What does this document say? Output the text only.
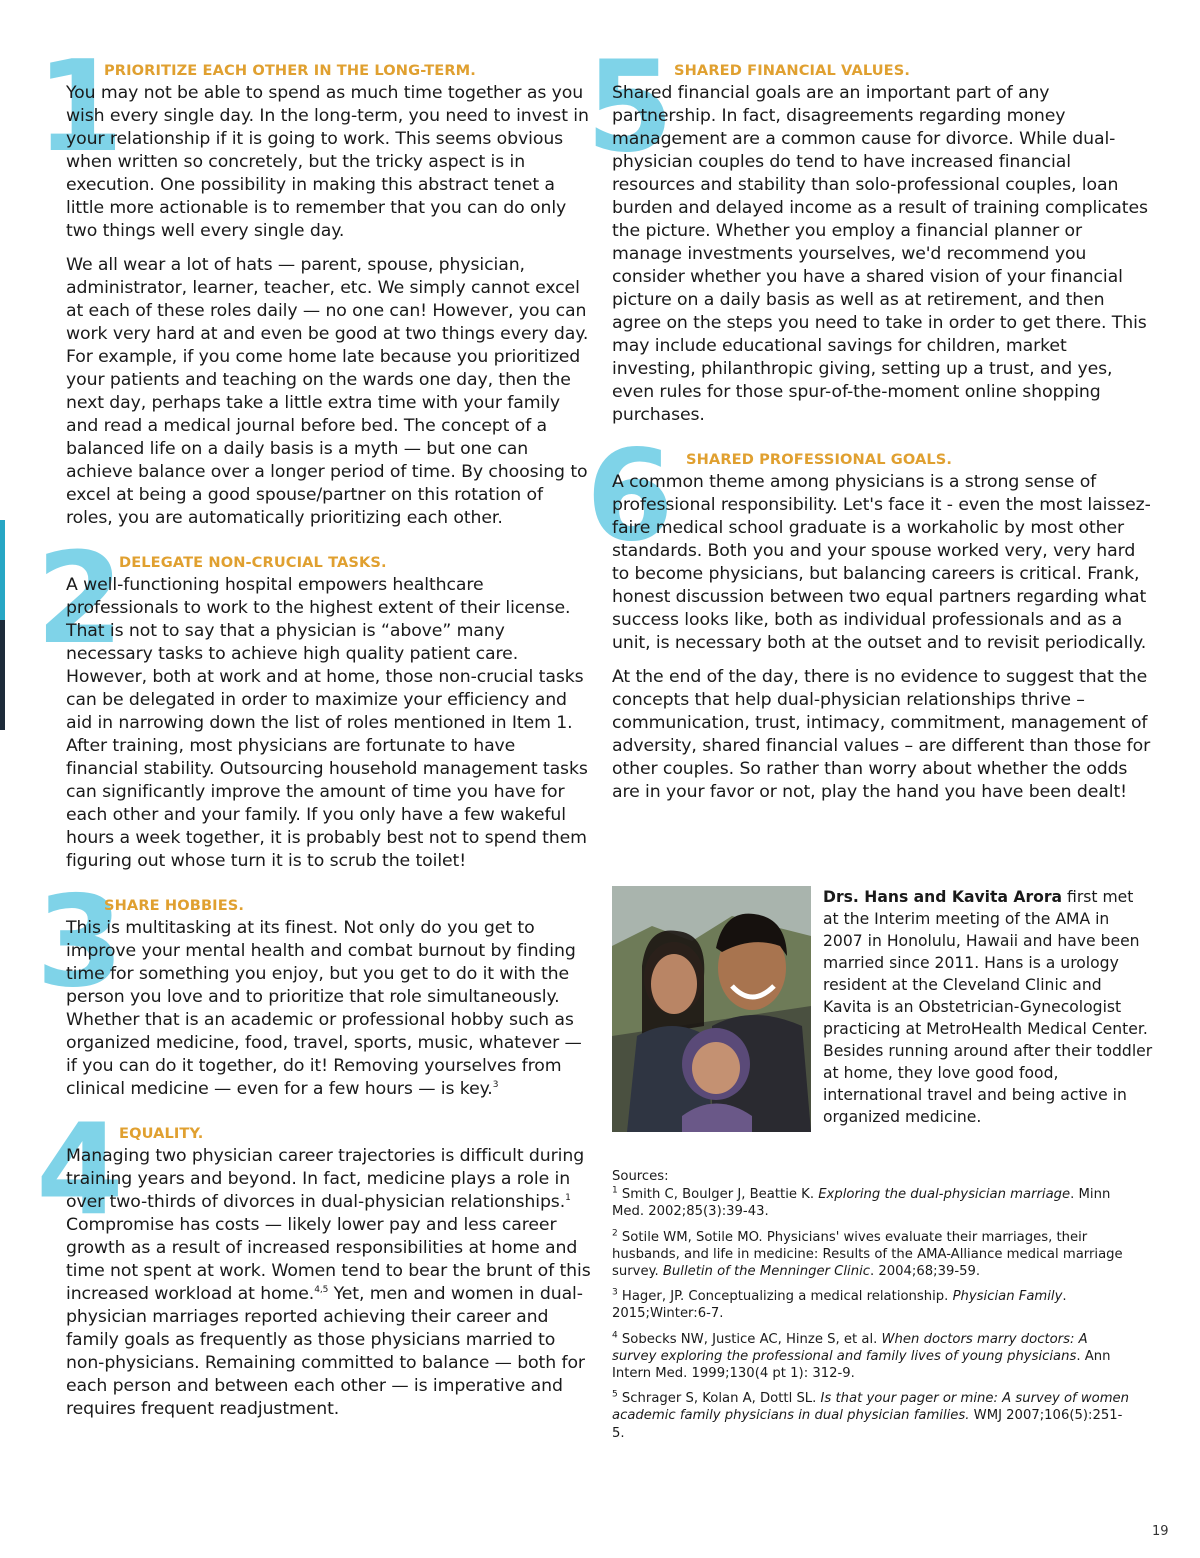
1
PRIORITIZE EACH OTHER IN THE LONG-TERM.

You may not be able to spend as much time together as you wish every single day. In the long-term, you need to invest in your relationship if it is going to work. This seems obvious when written so concretely, but the tricky aspect is in execution. One possibility in making this abstract tenet a little more actionable is to remember that you can do only two things well every single day.

We all wear a lot of hats — parent, spouse, physician, administrator, learner, teacher, etc. We simply cannot excel at each of these roles daily — no one can! However, you can work very hard at and even be good at two things every day. For example, if you come home late because you prioritized your patients and teaching on the wards one day, then the next day, perhaps take a little extra time with your family and read a medical journal before bed. The concept of a balanced life on a daily basis is a myth — but one can achieve balance over a longer period of time. By choosing to excel at being a good spouse/partner on this rotation of roles, you are automatically prioritizing each other.

2 DELEGATE NON-CRUCIAL TASKS.

A well-functioning hospital empowers healthcare professionals to work to the highest extent of their license. That is not to say that a physician is “above” many necessary tasks to achieve high quality patient care. However, both at work and at home, those non-crucial tasks can be delegated in order to maximize your efficiency and aid in narrowing down the list of roles mentioned in Item 1. After training, most physicians are fortunate to have financial stability. Outsourcing household management tasks can significantly improve the amount of time you have for each other and your family. If you only have a few wakeful hours a week together, it is probably best not to spend them figuring out whose turn it is to scrub the toilet!

3
SHARE HOBBIES.

This is multitasking at its finest. Not only do you get to improve your mental health and combat burnout by finding time for something you enjoy, but you get to do it with the person you love and to prioritize that role simultaneously. Whether that is an academic or professional hobby such as organized medicine, food, travel, sports, music, whatever — if you can do it together, do it! Removing yourselves from clinical medicine — even for a few hours — is key.$^3$

4 EQUALITY.

Managing two physician career trajectories is difficult during training years and beyond. In fact, medicine plays a role in over two-thirds of divorces in dual-physician relationships.$^1$ Compromise has costs — likely lower pay and less career growth as a result of increased responsibilities at home and time not spent at work. Women tend to bear the brunt of this increased workload at home.$^{4,5}$ Yet, men and women in dual-physician marriages reported achieving their career and family goals as frequently as those physicians married to non-physicians. Remaining committed to balance — both for each person and between each other — is imperative and requires frequent readjustment.

5 SHARED FINANCIAL VALUES.

Shared financial goals are an important part of any partnership. In fact, disagreements regarding money management are a common cause for divorce. While dual-physician couples do tend to have increased financial resources and stability than solo-professional couples, loan burden and delayed income as a result of training complicates the picture. Whether you employ a financial planner or manage investments yourselves, we'd recommend you consider whether you have a shared vision of your financial picture on a daily basis as well as at retirement, and then agree on the steps you need to take in order to get there. This may include educational savings for children, market investing, philanthropic giving, setting up a trust, and yes, even rules for those spur-of-the-moment online shopping purchases.

6 SHARED PROFESSIONAL GOALS.

A common theme among physicians is a strong sense of professional responsibility. Let's face it - even the most laissez-faire medical school graduate is a workaholic by most other standards. Both you and your spouse worked very, very hard to become physicians, but balancing careers is critical. Frank, honest discussion between two equal partners regarding what success looks like, both as individual professionals and as a unit, is necessary both at the outset and to revisit periodically.

At the end of the day, there is no evidence to suggest that the concepts that help dual-physician relationships thrive – communication, trust, intimacy, commitment, management of adversity, shared financial values – are different than those for other couples. So rather than worry about whether the odds are in your favor or not, play the hand you have been dealt!

Drs. Hans and Kavita Arora first met at the Interim meeting of the AMA in 2007 in Honolulu, Hawaii and have been married since 2011. Hans is a urology resident at the Cleveland Clinic and Kavita is an Obstetrician-Gynecologist practicing at MetroHealth Medical Center. Besides running around after their toddler at home, they love good food, international travel and being active in organized medicine.

Sources:

$^1$ Smith C, Boulger J, Beattie K. Exploring the dual-physician marriage. Minn Med. 2002;85(3):39-43.

$^2$ Sotile WM, Sotile MO. Physicians' wives evaluate their marriages, their husbands, and life in medicine: Results of the AMA-Alliance medical marriage survey. Bulletin of the Menninger Clinic. 2004;68;39-59.

$^3$ Hager, JP. Conceptualizing a medical relationship. Physician Family. 2015;Winter:6-7.

$^4$ Sobecks NW, Justice AC, Hinze S, et al. When doctors marry doctors: A survey exploring the professional and family lives of young physicians. Ann Intern Med. 1999;130(4 pt 1): 312-9.

$^5$ Schrager S, Kolan A, Dottl SL. Is that your pager or mine: A survey of women academic family physicians in dual physician families. WMJ 2007;106(5):251-5.

19
